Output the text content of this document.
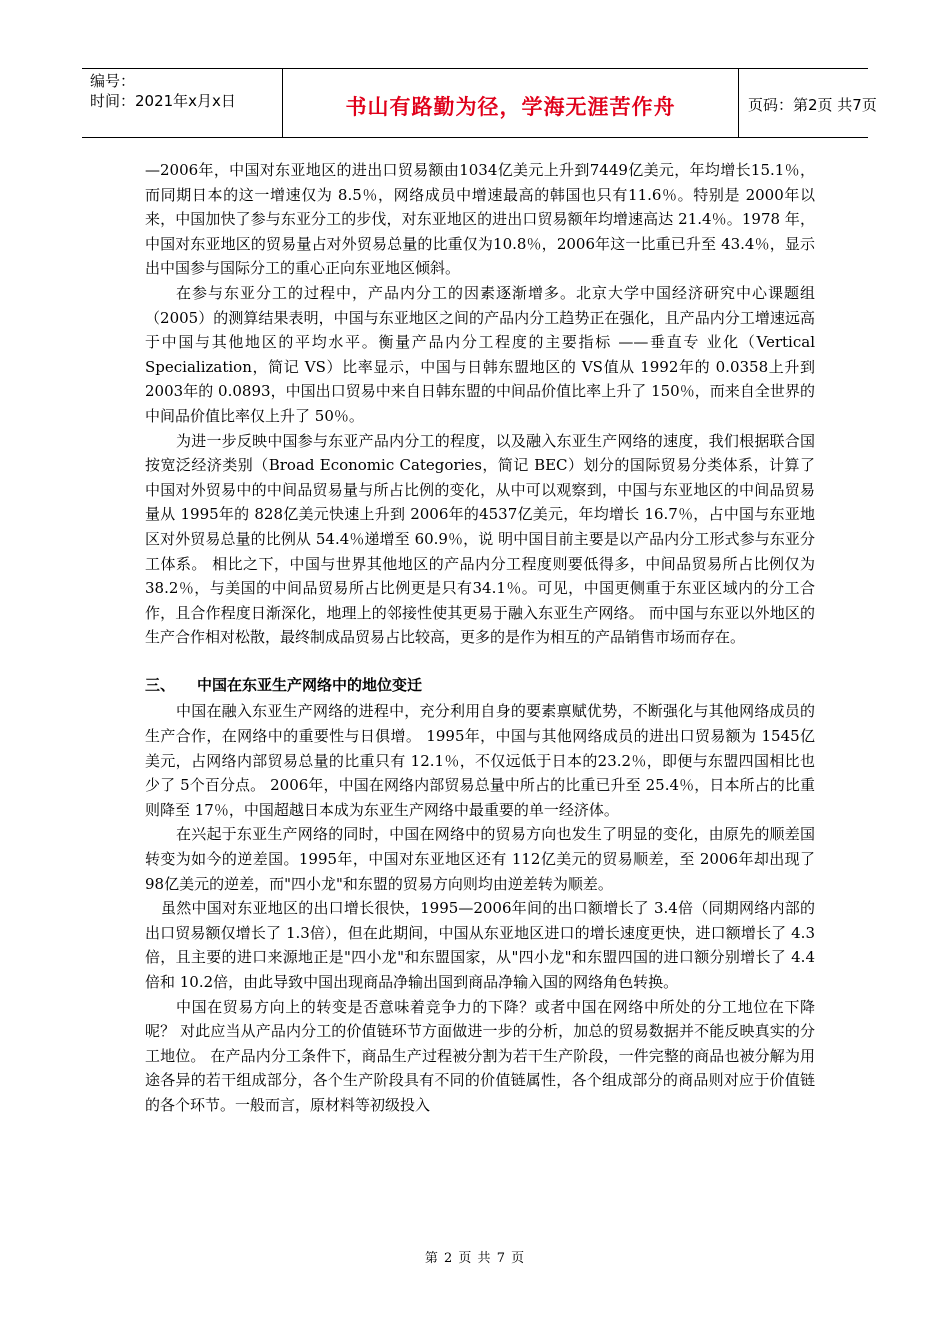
编号：
时间：2021年x月x日	书山有路勤为径，学海无涯苦作舟	页码：第2页 共7页

—2006年，中国对东亚地区的进出口贸易额由1034亿美元上升到7449亿美元，年均增长15.1％，而同期日本的这一增速仅为 8.5％，网络成员中增速最高的韩国也只有11.6％。特别是 2000年以来，中国加快了参与东亚分工的步伐，对东亚地区的进出口贸易额年均增速高达 21.4％。1978 年，中国对东亚地区的贸易量占对外贸易总量的比重仅为10.8％，2006年这一比重已升至 43.4％，显示出中国参与国际分工的重心正向东亚地区倾斜。

在参与东亚分工的过程中，产品内分工的因素逐渐增多。北京大学中国经济研究中心课题组（2005）的测算结果表明，中国与东亚地区之间的产品内分工趋势正在强化，且产品内分工增速远高于中国与其他地区的平均水平。衡量产品内分工程度的主要指标 ——垂直专 业化（Vertical Specialization，简记 VS）比率显示，中国与日韩东盟地区的 VS值从 1992年的 0.0358上升到 2003年的 0.0893，中国出口贸易中来自日韩东盟的中间品价值比率上升了 150％，而来自全世界的中间品价值比率仅上升了 50％。

为进一步反映中国参与东亚产品内分工的程度，以及融入东亚生产网络的速度，我们根据联合国按宽泛经济类别（Broad Economic Categories，简记 BEC）划分的国际贸易分类体系，计算了中国对外贸易中的中间品贸易量与所占比例的变化，从中可以观察到，中国与东亚地区的中间品贸易量从 1995年的 828亿美元快速上升到 2006年的4537亿美元，年均增长 16.7％，占中国与东亚地区对外贸易总量的比例从 54.4％递增至 60.9％，说 明中国目前主要是以产品内分工形式参与东亚分工体系。 相比之下，中国与世界其他地区的产品内分工程度则要低得多，中间品贸易所占比例仅为 38.2％，与美国的中间品贸易所占比例更是只有34.1％。可见，中国更侧重于东亚区域内的分工合作，且合作程度日渐深化，地理上的邻接性使其更易于融入东亚生产网络。 而中国与东亚以外地区的生产合作相对松散，最终制成品贸易占比较高，更多的是作为相互的产品销售市场而存在。

三、 中国在东亚生产网络中的地位变迁

中国在融入东亚生产网络的进程中，充分利用自身的要素禀赋优势，不断强化与其他网络成员的生产合作，在网络中的重要性与日俱增。 1995年，中国与其他网络成员的进出口贸易额为 1545亿美元，占网络内部贸易总量的比重只有 12.1％，不仅远低于日本的23.2％，即便与东盟四国相比也少了 5个百分点。 2006年，中国在网络内部贸易总量中所占的比重已升至 25.4％，日本所占的比重则降至 17％，中国超越日本成为东亚生产网络中最重要的单一经济体。

在兴起于东亚生产网络的同时，中国在网络中的贸易方向也发生了明显的变化，由原先的顺差国转变为如今的逆差国。1995年，中国对东亚地区还有 112亿美元的贸易顺差，至 2006年却出现了 98亿美元的逆差，而"四小龙"和东盟的贸易方向则均由逆差转为顺差。

虽然中国对东亚地区的出口增长很快，1995—2006年间的出口额增长了 3.4倍（同期网络内部的出口贸易额仅增长了 1.3倍），但在此期间，中国从东亚地区进口的增长速度更快，进口额增长了 4.3倍，且主要的进口来源地正是"四小龙"和东盟国家，从"四小龙"和东盟四国的进口额分别增长了 4.4倍和 10.2倍，由此导致中国出现商品净输出国到商品净输入国的网络角色转换。

中国在贸易方向上的转变是否意味着竞争力的下降？或者中国在网络中所处的分工地位在下降呢？ 对此应当从产品内分工的价值链环节方面做进一步的分析，加总的贸易数据并不能反映真实的分工地位。 在产品内分工条件下，商品生产过程被分割为若干生产阶段，一件完整的商品也被分解为用途各异的若干组成部分，各个生产阶段具有不同的价值链属性，各个组成部分的商品则对应于价值链的各个环节。一般而言，原材料等初级投入

第 2 页 共 7 页
